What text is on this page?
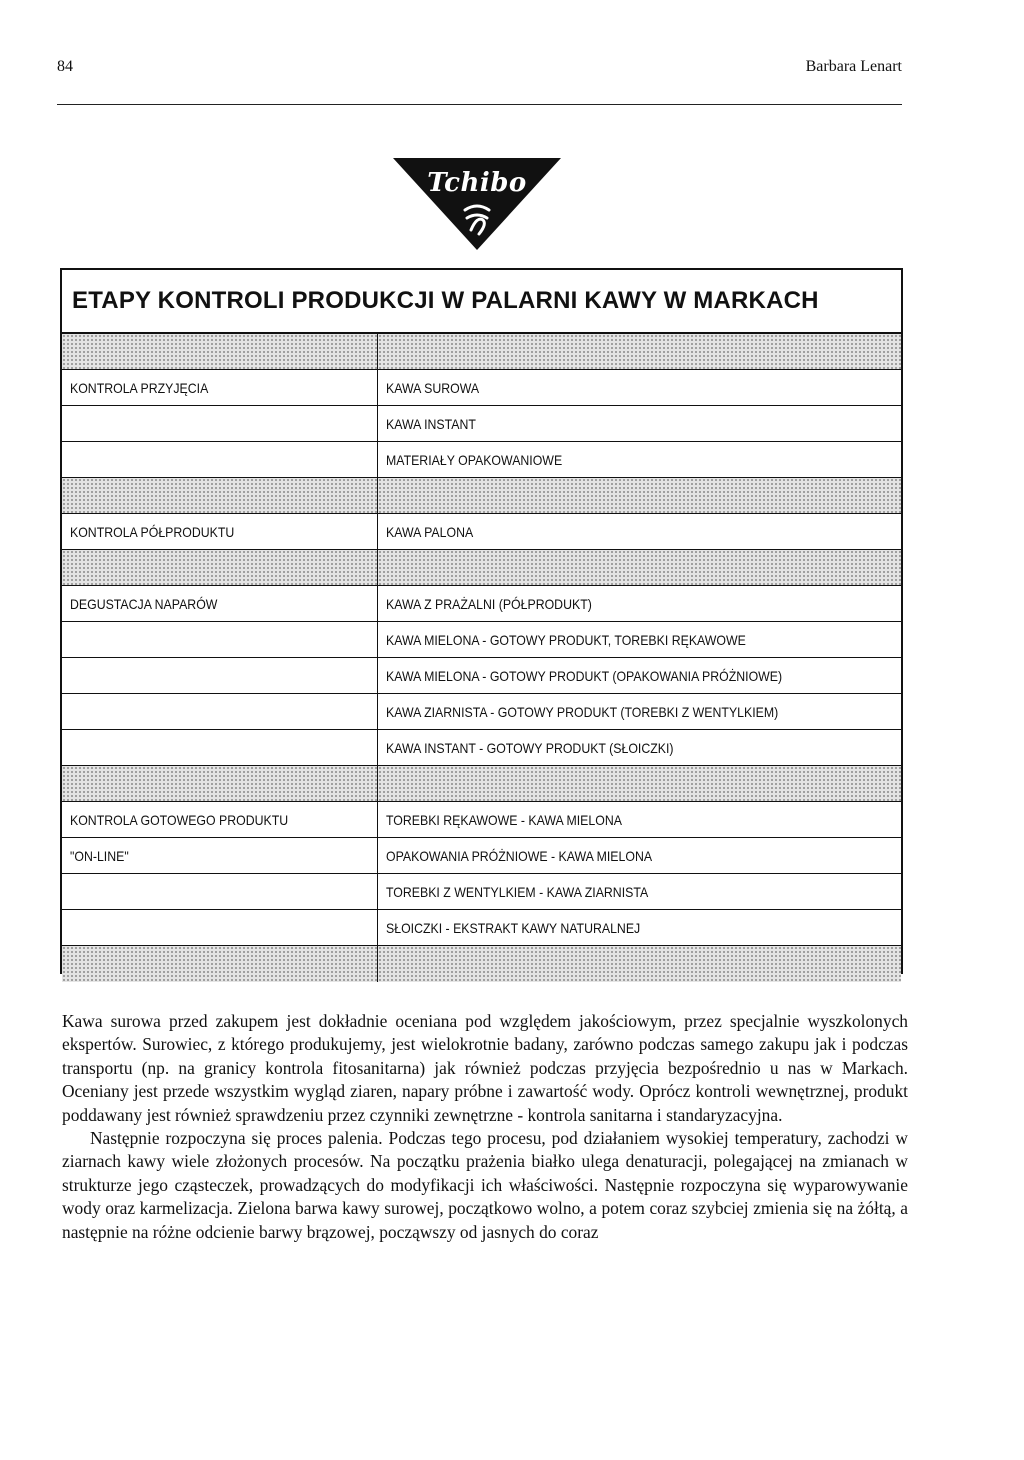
84	Barbara Lenart
Tchibo
ETAPY KONTROLI PRODUKCJI W PALARNI KAWY W MARKACH
KONTROLA PRZYJĘCIA	KAWA SUROWA
KAWA INSTANT
MATERIAŁY OPAKOWANIOWE
KONTROLA PÓŁPRODUKTU	KAWA PALONA
DEGUSTACJA NAPARÓW	KAWA Z PRAŻALNI (PÓŁPRODUKT)
KAWA MIELONA - GOTOWY PRODUKT, TOREBKI RĘKAWOWE
KAWA MIELONA - GOTOWY PRODUKT (OPAKOWANIA PRÓŻNIOWE)
KAWA ZIARNISTA - GOTOWY PRODUKT (TOREBKI Z WENTYLKIEM)
KAWA INSTANT - GOTOWY PRODUKT (SŁOICZKI)
KONTROLA GOTOWEGO PRODUKTU	TOREBKI RĘKAWOWE - KAWA MIELONA
"ON-LINE"	OPAKOWANIA PRÓŻNIOWE - KAWA MIELONA
TOREBKI Z WENTYLKIEM - KAWA ZIARNISTA
SŁOICZKI - EKSTRAKT KAWY NATURALNEJ

Kawa surowa przed zakupem jest dokładnie oceniana pod względem jakościowym, przez specjalnie wyszkolonych ekspertów. Surowiec, z którego produkujemy, jest wielokrotnie badany, zarówno podczas samego zakupu jak i podczas transportu (np. na granicy kontrola fitosanitarna) jak również podczas przyjęcia bezpośrednio u nas w Markach. Oceniany jest przede wszystkim wygląd ziaren, napary próbne i zawartość wody. Oprócz kontroli wewnętrznej, produkt poddawany jest również sprawdzeniu przez czynniki zewnętrzne - kontrola sanitarna i standaryzacyjna.

Następnie rozpoczyna się proces palenia. Podczas tego procesu, pod działaniem wysokiej temperatury, zachodzi w ziarnach kawy wiele złożonych procesów. Na początku prażenia białko ulega denaturacji, polegającej na zmianach w strukturze jego cząsteczek, prowadzących do modyfikacji ich właściwości. Następnie rozpoczyna się wyparowywanie wody oraz karmelizacja. Zielona barwa kawy surowej, początkowo wolno, a potem coraz szybciej zmienia się na żółtą, a następnie na różne odcienie barwy brązowej, począwszy od jasnych do coraz
